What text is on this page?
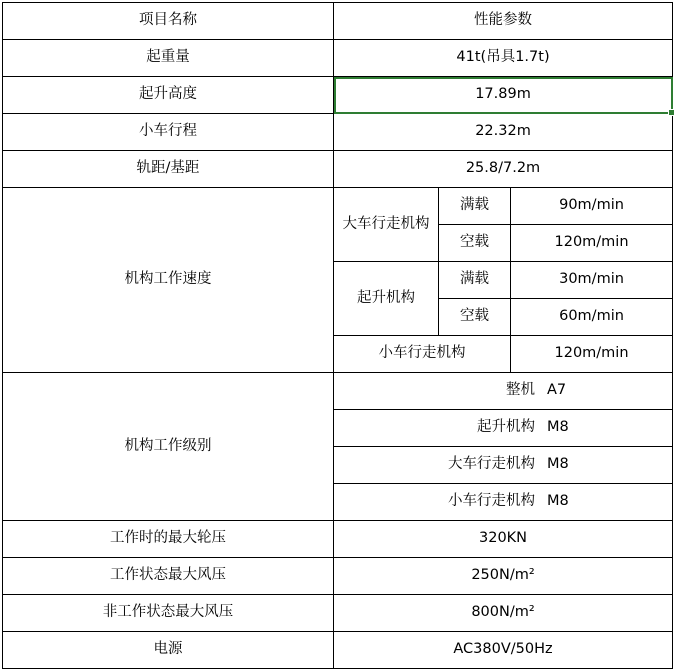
项目名称	性能参数		
起重量	41t(吊具1.7t)		
起升高度	17.89m		

小车行程	22.32m		
轨距/基距	25.8/7.2m		
机构工作速度	大车行走机构	满载	90m/min
		空载	120m/min
	起升机构	满载	30m/min
		空载	60m/min
	小车行走机构		120m/min
机构工作级别	整机 A7		

	起升机构 M8		

	大车行走机构 M8		

	小车行走机构 M8		

工作时的最大轮压	320KN		
工作状态最大风压	250N/m²		
非工作状态最大风压	800N/m²		
电源	AC380V/50Hz		
